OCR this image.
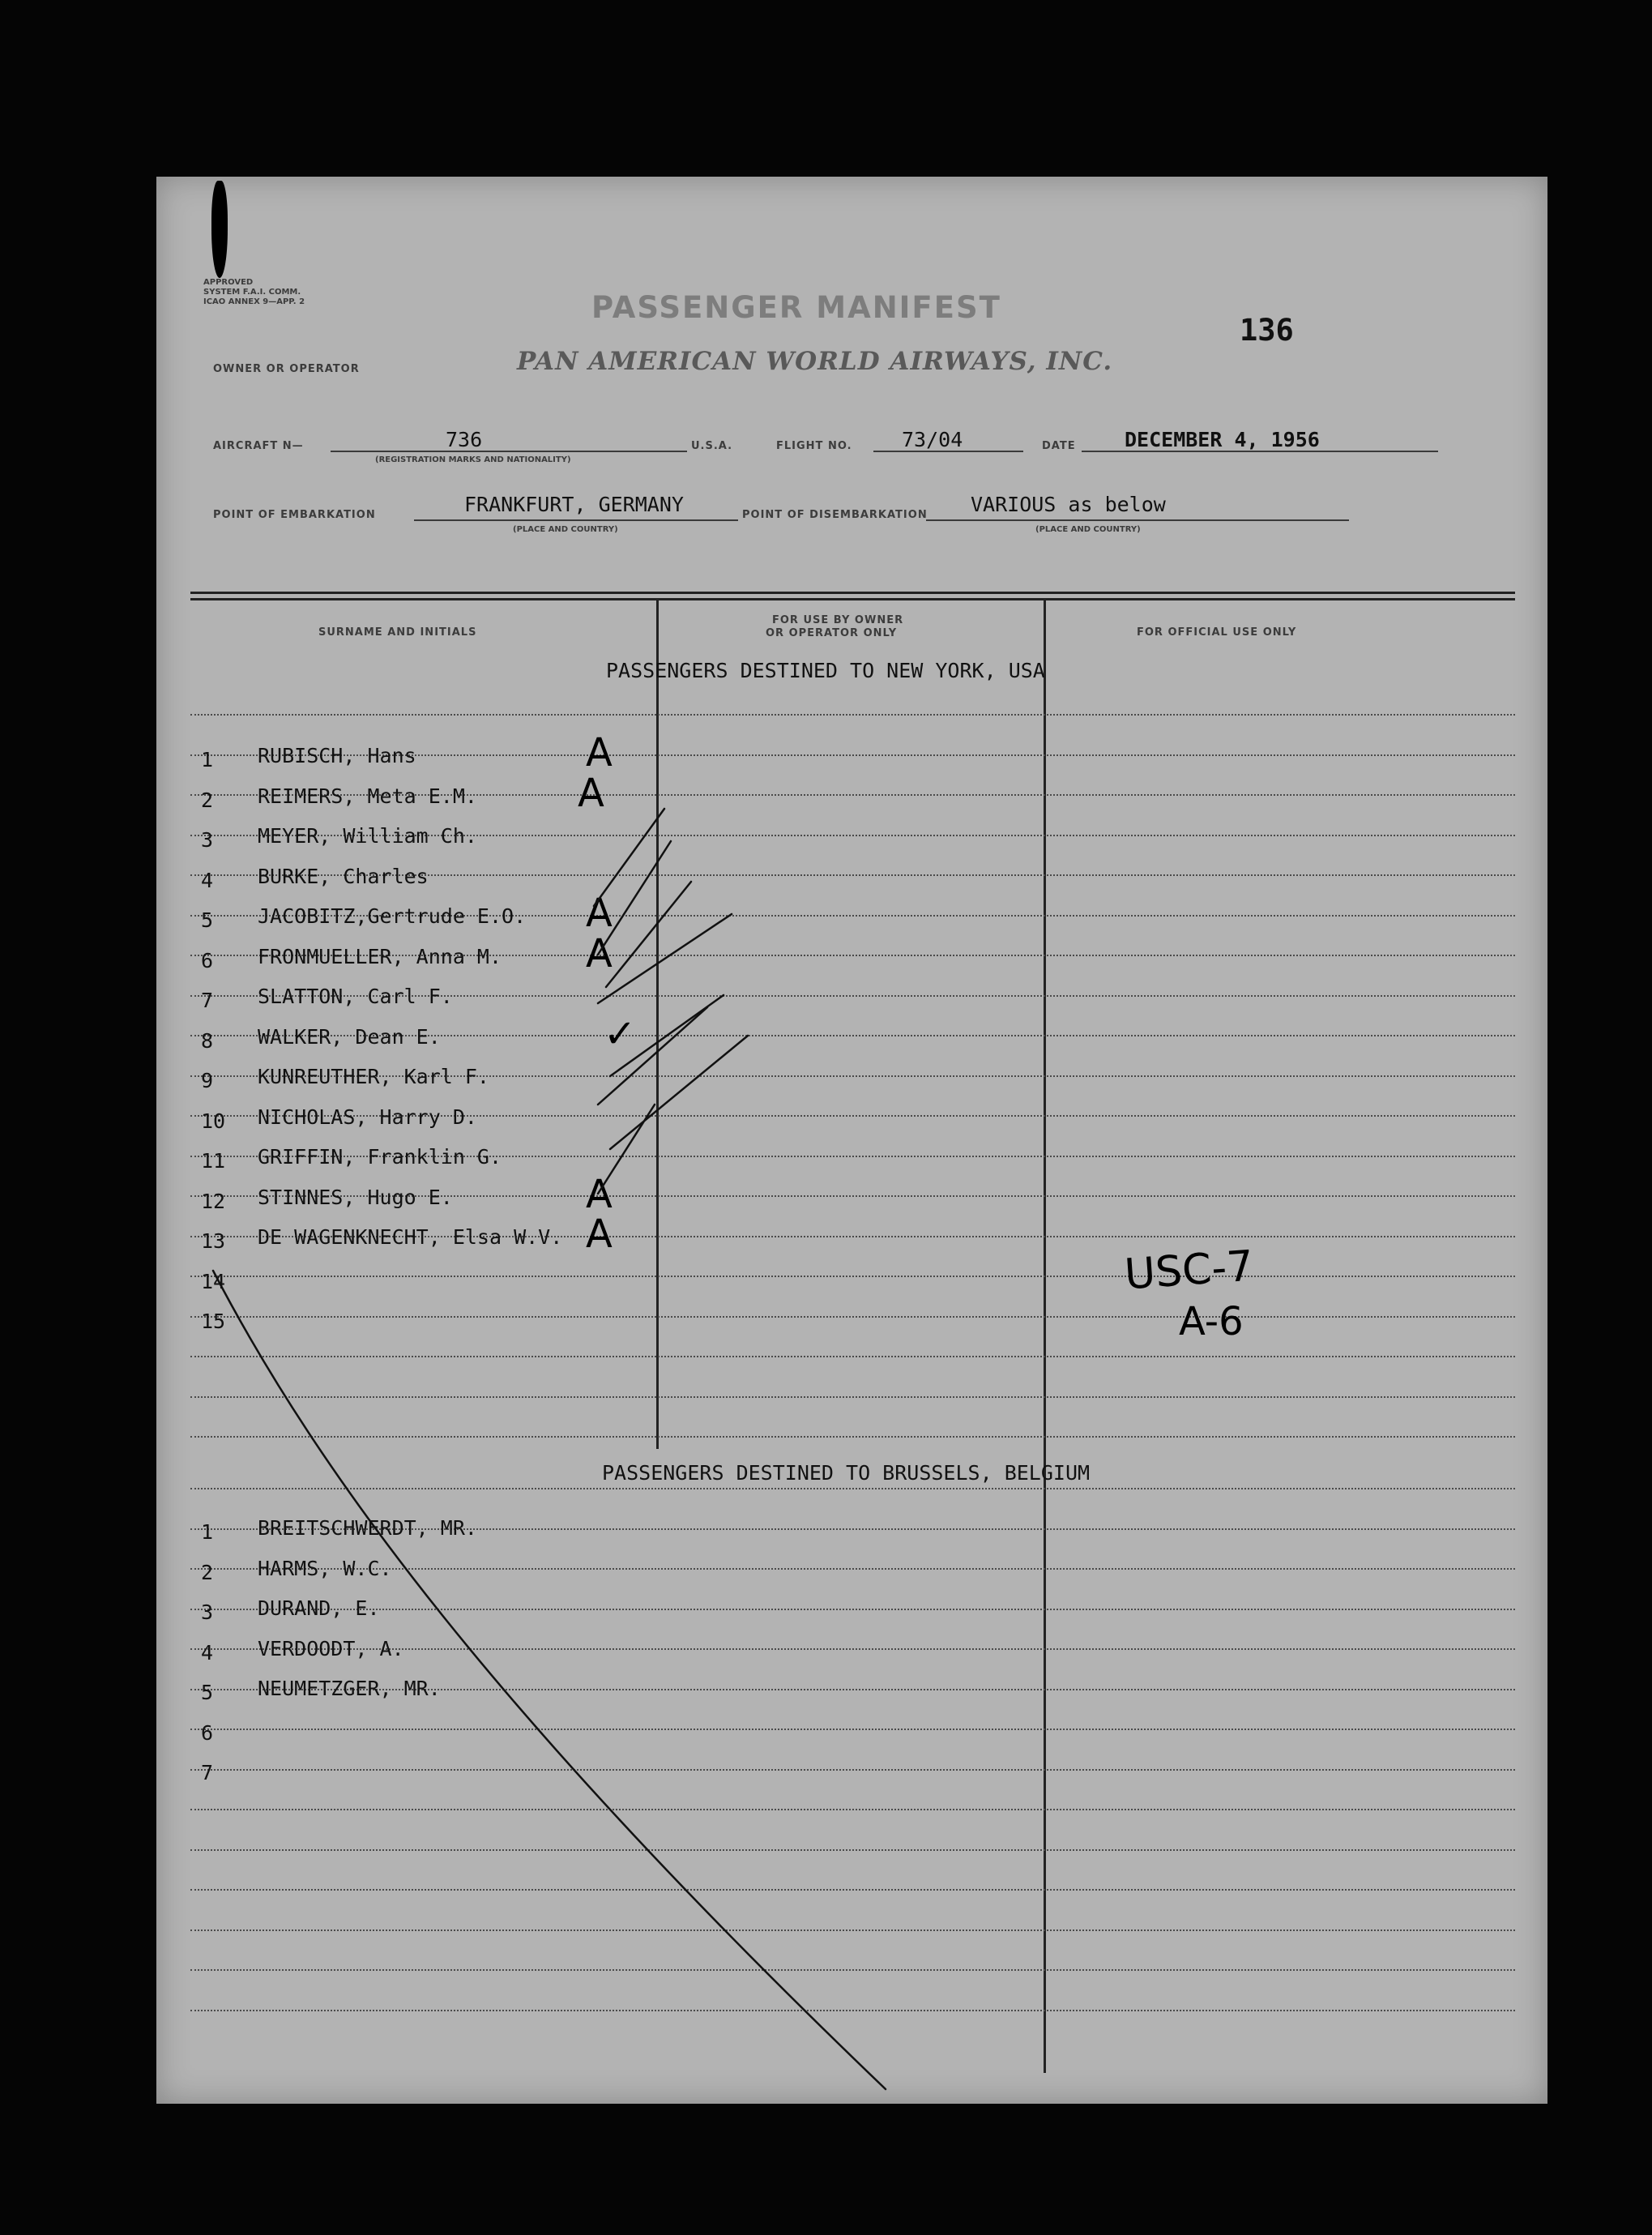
APPROVED
SYSTEM F.A.I. COMM.
ICAO ANNEX 9—APP. 2	PASSENGER MANIFEST
136
OWNER OR OPERATOR	PAN AMERICAN WORLD AIRWAYS, INC.
AIRCRAFT N—	736
(REGISTRATION MARKS AND NATIONALITY)
U.S.A.	FLIGHT NO. 73/04	DATE DECEMBER 4, 1956
POINT OF EMBARKATION	FRANKFURT, GERMANY
(PLACE AND COUNTRY)
POINT OF DISEMBARKATION VARIOUS as below
(PLACE AND COUNTRY)
SURNAME AND INITIALS
FOR USE BY OWNER
OR OPERATOR ONLY	FOR OFFICIAL USE ONLY
PASSENGERS DESTINED TO NEW YORK, USA
1 RUBISCH, Hans	A
2 REIMERS, Meta E.M.	A
3 MEYER, William Ch.
4 BURKE, Charles
5 JACOBITZ,Gertrude E.O. A
6 FRONMUELLER, Anna M. A
7 SLATTON, Carl F.
8 WALKER, Dean E.	✓
9 KUNREUTHER, Karl F.
10 NICHOLAS, Harry D.
11 GRIFFIN, Franklin G.
12 STINNES, Hugo E.	A
13 DE WAGENKNECHT, Elsa W.V. A
14
15
PASSENGERS DESTINED TO BRUSSELS, BELGIUM
1 BREITSCHWERDT, MR.
2 HARMS, W.C.
3 DURAND, E.
4 VERDOODT, A.
5 NEUMETZGER, MR.
6
7
USC-7
A-6
